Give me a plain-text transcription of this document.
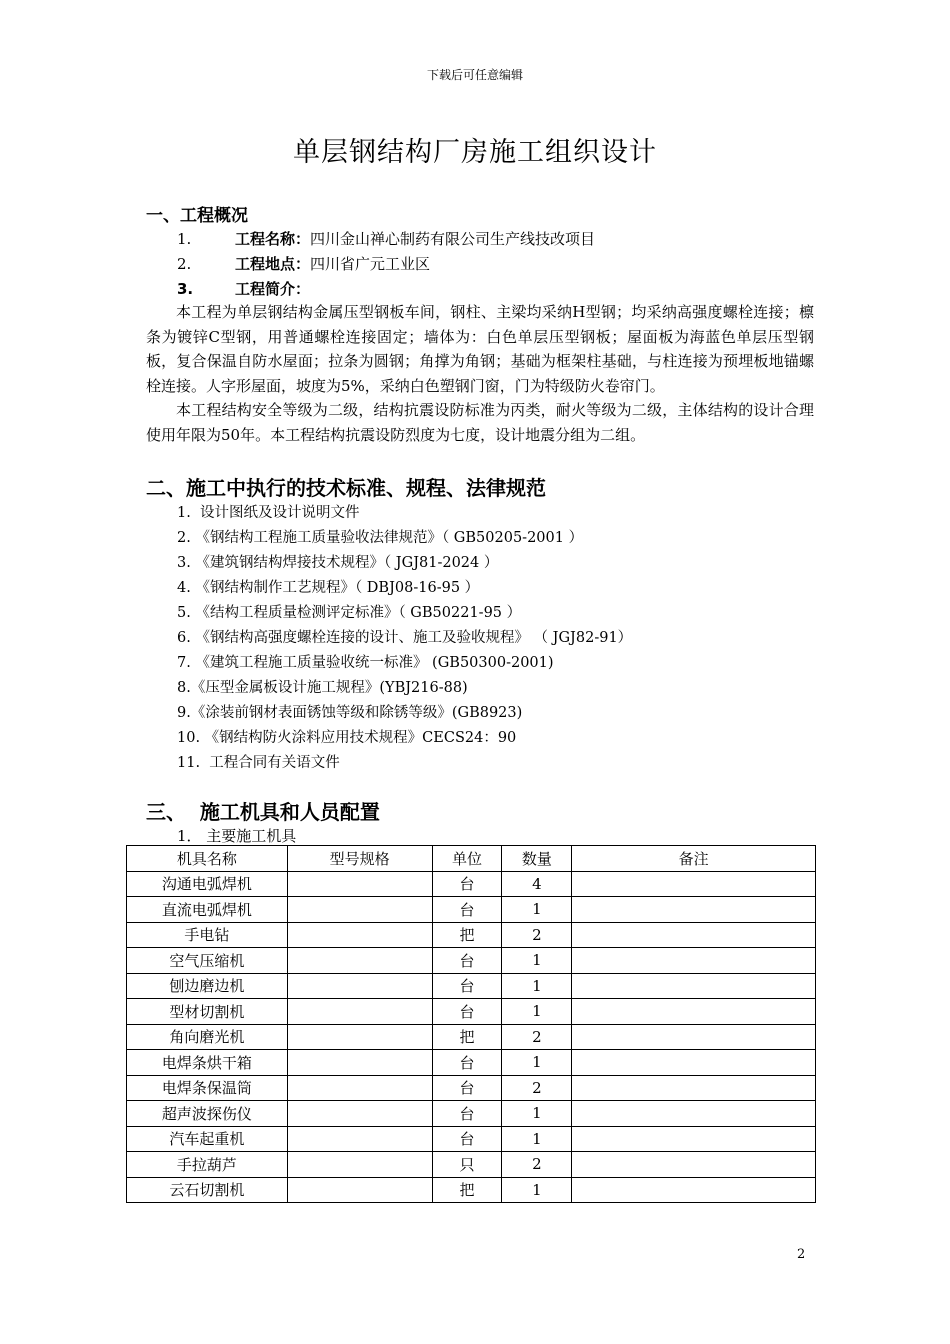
下载后可任意编辑
单层钢结构厂房施工组织设计
一、工程概况
1.	工程名称：四川金山禅心制药有限公司生产线技改项目
2.	工程地点：四川省广元工业区
3.	工程简介：

本工程为单层钢结构金属压型钢板车间，钢柱、主梁均采纳H型钢；均采纳高强度螺栓连接；檩条为镀锌C型钢，用普通螺栓连接固定；墙体为：白色单层压型钢板；屋面板为海蓝色单层压型钢板，复合保温自防水屋面；拉条为圆钢；角撑为角钢；基础为框架柱基础，与柱连接为预埋板地锚螺栓连接。人字形屋面，坡度为5%，采纳白色塑钢门窗，门为特级防火卷帘门。

本工程结构安全等级为二级，结构抗震设防标准为丙类，耐火等级为二级，主体结构的设计合理使用年限为50年。本工程结构抗震设防烈度为七度，设计地震分组为二组。

二、施工中执行的技术标准、规程、法律规范
1.  设计图纸及设计说明文件
2. 《钢结构工程施工质量验收法律规范》（ GB50205-2001 ）
3. 《建筑钢结构焊接技术规程》（ JGJ81-2024 ）
4. 《钢结构制作工艺规程》（ DBJ08-16-95 ）
5. 《结构工程质量检测评定标准》（ GB50221-95 ）
6. 《钢结构高强度螺栓连接的设计、施工及验收规程》 （ JGJ82-91）
7. 《建筑工程施工质量验收统一标准》 (GB50300-2001)
8.《压型金属板设计施工规程》(YBJ216-88)
9.《涂装前钢材表面锈蚀等级和除锈等级》(GB8923)
10. 《钢结构防火涂料应用技术规程》CECS24：90
11.  工程合同有关语文件
三、  施工机具和人员配置
1． 主要施工机具
机具名称	型号规格	单位	数量	备注
沟通电弧焊机		台	4	
直流电弧焊机		台	1	
手电钻		把	2	
空气压缩机		台	1	
刨边磨边机		台	1	
型材切割机		台	1	
角向磨光机		把	2	
电焊条烘干箱		台	1	
电焊条保温筒		台	2	
超声波探伤仪		台	1	
汽车起重机		台	1	
手拉葫芦		只	2	
云石切割机		把	1	
2
